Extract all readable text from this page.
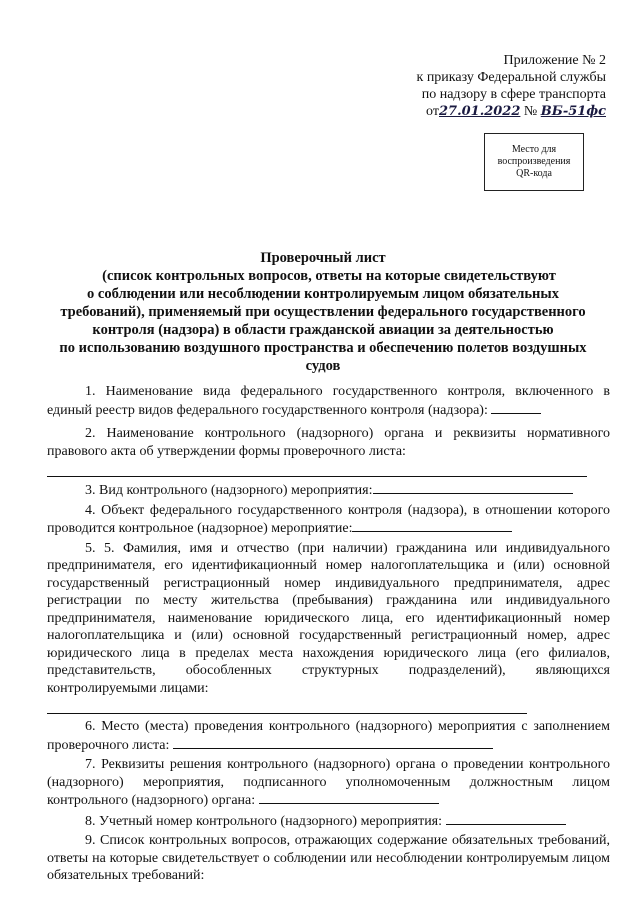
Приложение № 2
к приказу Федеральной службы
по надзору в сфере транспорта
от27.01.2022 № ВБ-51фс
Место для
воспроизведения
QR-кода
Проверочный лист
(список контрольных вопросов, ответы на которые свидетельствуют
о соблюдении или несоблюдении контролируемым лицом обязательных
требований), применяемый при осуществлении федерального государственного
контроля (надзора) в области гражданской авиации за деятельностью
по использованию воздушного пространства и обеспечению полетов воздушных
судов

1. Наименование вида федерального государственного контроля, включенного в единый реестр видов федерального государственного контроля (надзора):

2. Наименование контрольного (надзорного) органа и реквизиты нормативного правового акта об утверждении формы проверочного листа:

3. Вид контрольного (надзорного) мероприятия:

4. Объект федерального государственного контроля (надзора), в отношении которого проводится контрольное (надзорное) мероприятие:

5. 5. Фамилия, имя и отчество (при наличии) гражданина или индивидуального предпринимателя, его идентификационный номер налогоплательщика и (или) основной государственный регистрационный номер индивидуального предпринимателя, адрес регистрации по месту жительства (пребывания) гражданина или индивидуального предпринимателя, наименование юридического лица, его идентификационный номер налогоплательщика и (или) основной государственный регистрационный номер, адрес юридического лица в пределах места нахождения юридического лица (его филиалов, представительств, обособленных структурных подразделений), являющихся контролируемыми лицами:

6. Место (места) проведения контрольного (надзорного) мероприятия с заполнением проверочного листа:

7. Реквизиты решения контрольного (надзорного) органа о проведении контрольного (надзорного) мероприятия, подписанного уполномоченным должностным лицом контрольного (надзорного) органа:

8. Учетный номер контрольного (надзорного) мероприятия:

9. Список контрольных вопросов, отражающих содержание обязательных требований, ответы на которые свидетельствует о соблюдении или несоблюдении контролируемым лицом обязательных требований:
